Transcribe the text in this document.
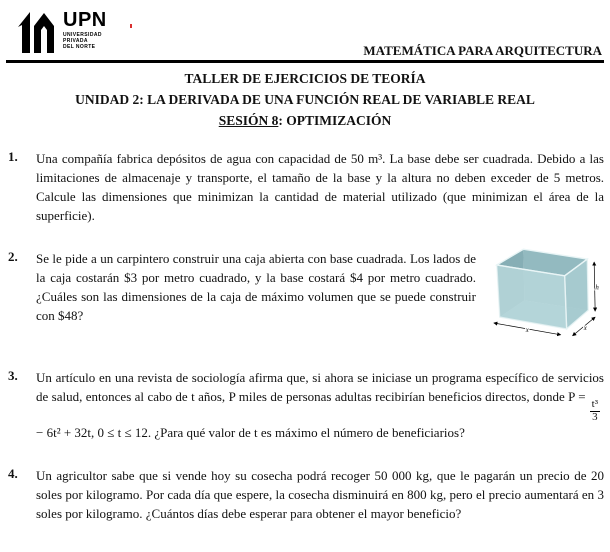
UPN
UNIVERSIDAD
PRIVADA
DEL NORTE	MATEMÁTICA PARA ARQUITECTURA
TALLER DE EJERCICIOS DE TEORÍA
UNIDAD 2: LA DERIVADA DE UNA FUNCIÓN REAL DE VARIABLE REAL
SESIÓN 8: OPTIMIZACIÓN
1.	Una compañía fabrica depósitos de agua con capacidad de 50 m³. La base debe ser cuadrada. Debido a las limitaciones de almacenaje y transporte, el tamaño de la base y la altura no deben exceder de 5 metros. Calcule las dimensiones que minimizan la cantidad de material utilizado (que minimizan el área de la superficie).
2.
x	x
h
Se le pide a un carpintero construir una caja abierta con base cuadrada. Los lados de la caja costarán $3 por metro cuadrado, y la base costará $4 por metro cuadrado. ¿Cuáles son las dimensiones de la caja de máximo volumen que se puede construir con $48?
3.	Un artículo en una revista de sociología afirma que, si ahora se iniciase un programa específico de servicios de salud, entonces al cabo de t años, P miles de personas adultas recibirían beneficios directos, donde P =
$\frac{\text{t³}}{3}$
− 6t² + 32t, 0 ≤ t ≤ 12. ¿Para qué valor de t es máximo el número de beneficiarios?
4.	Un agricultor sabe que si vende hoy su cosecha podrá recoger 50 000 kg, que le pagarán un precio de 20 soles por kilogramo. Por cada día que espere, la cosecha disminuirá en 800 kg, pero el precio aumentará en 3 soles por kilogramo. ¿Cuántos días debe esperar para obtener el mayor beneficio?
